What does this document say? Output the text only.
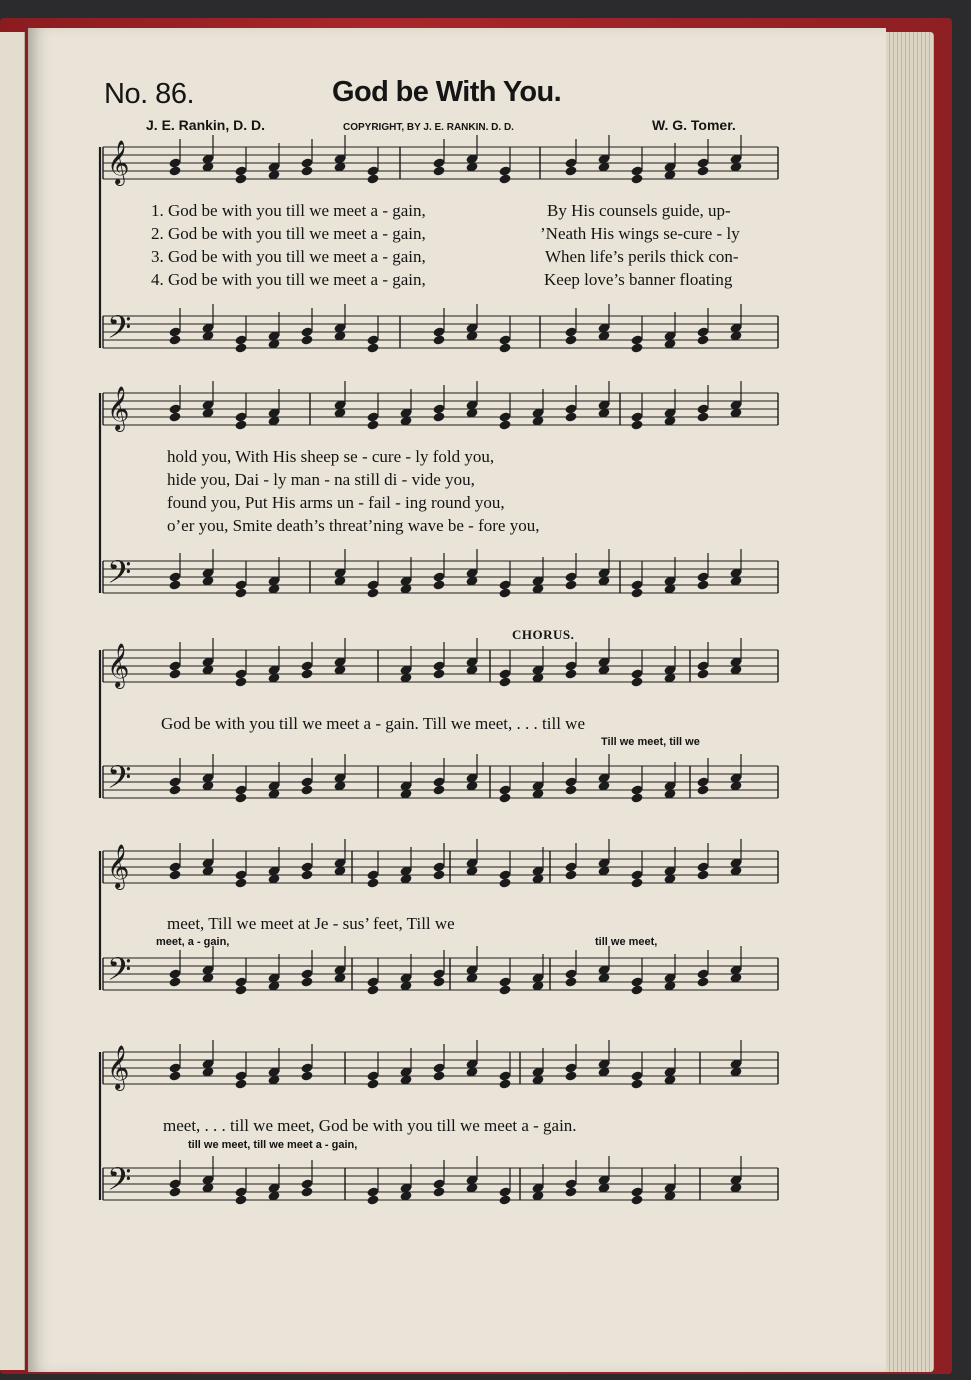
No. 86.	God be With You.
J. E. Rankin, D. D.	COPYRIGHT, BY J. E. RANKIN. D. D.	W. G. Tomer.
𝄞
𝄢
𝄞
𝄢
𝄞
𝄢
𝄞
𝄢
𝄞
𝄢
1. God be with you till we meet a - gain,	By His counsels guide, up-
2. God be with you till we meet a - gain,	’Neath His wings se-cure - ly
3. God be with you till we meet a - gain,	When life’s perils thick con-
4. God be with you till we meet a - gain,	Keep love’s banner floating
hold you, With His sheep se - cure - ly fold you,
hide you, Dai - ly man - na still di - vide you,
found you, Put His arms un - fail - ing round you,
o’er you, Smite death’s threat’ning wave be - fore you,
CHORUS.
God be with you till we meet a - gain. Till we meet, . . . till we
Till we meet, till we
meet, Till we meet at Je - sus’ feet, Till we
meet, a - gain,	till we meet,
meet, . . . till we meet, God be with you till we meet a - gain.
till we meet, till we meet a - gain,
